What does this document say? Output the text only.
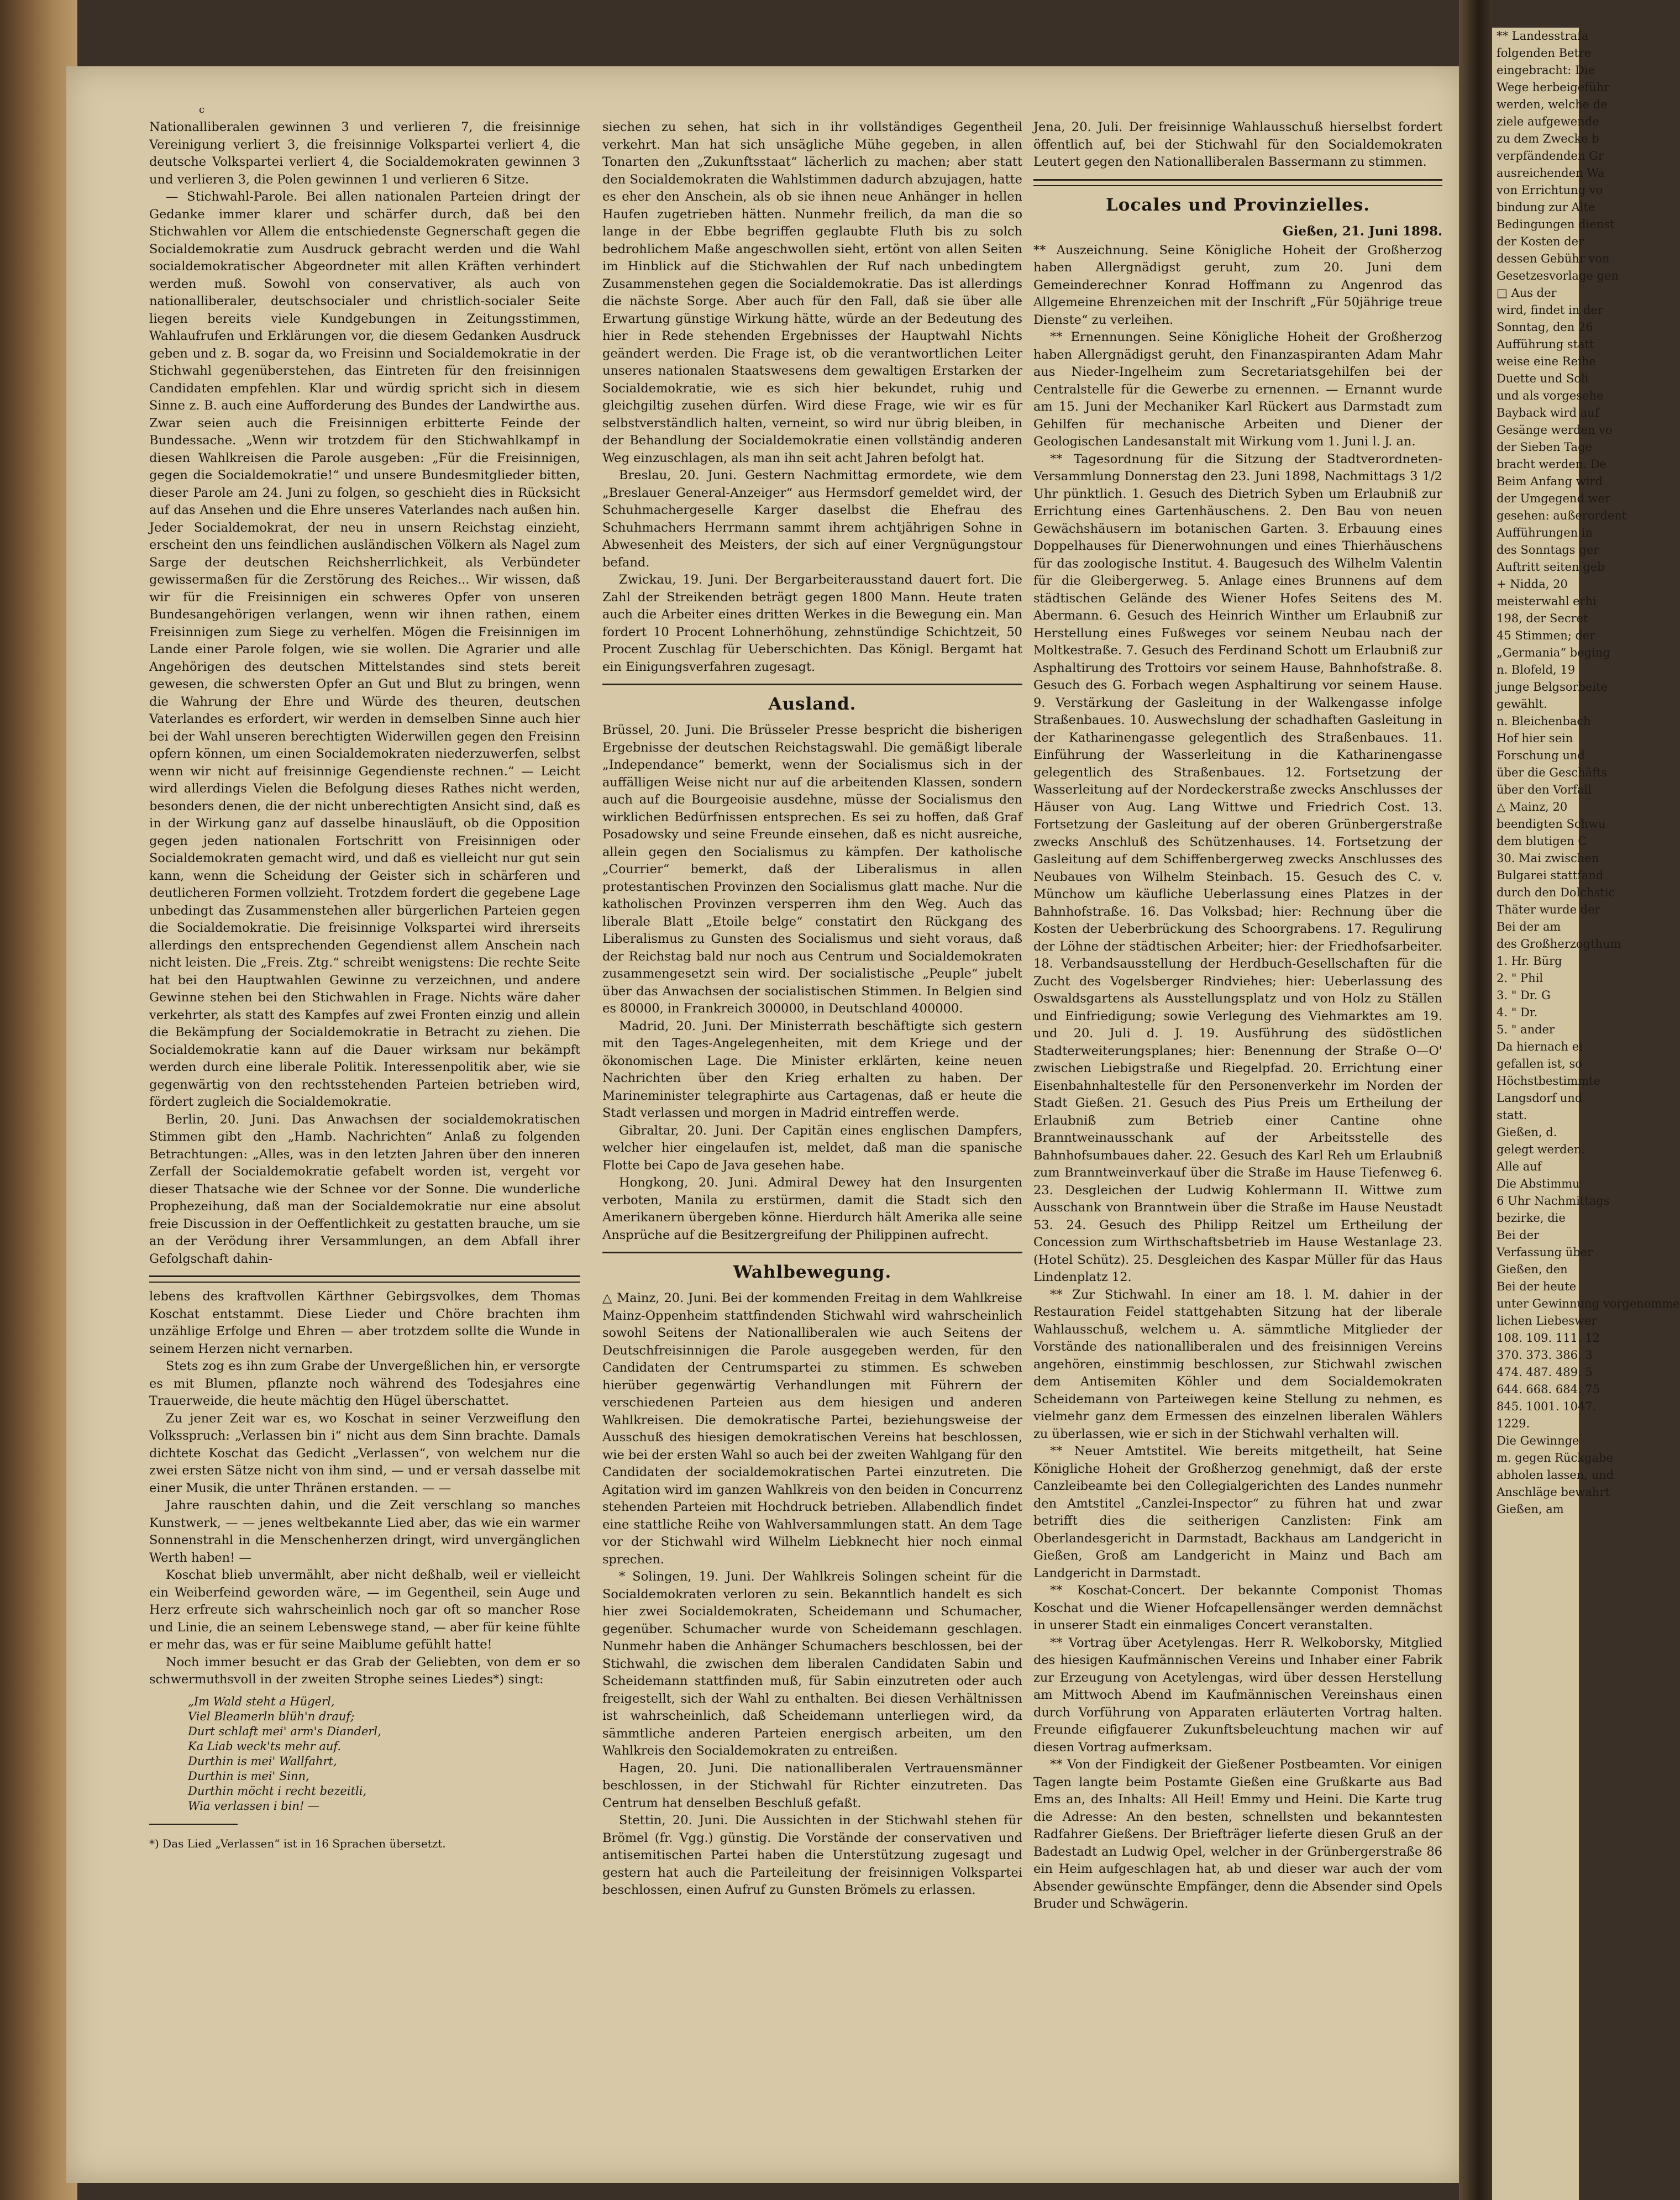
c

Nationalliberalen gewinnen 3 und verlieren 7, die freisinnige Vereinigung verliert 3, die freisinnige Volkspartei verliert 4, die deutsche Volkspartei verliert 4, die Socialdemokraten gewinnen 3 und verlieren 3, die Polen gewinnen 1 und verlieren 6 Sitze.

— Stichwahl-Parole. Bei allen nationalen Parteien dringt der Gedanke immer klarer und schärfer durch, daß bei den Stichwahlen vor Allem die entschiedenste Gegnerschaft gegen die Socialdemokratie zum Ausdruck gebracht werden und die Wahl socialdemokratischer Abgeordneter mit allen Kräften verhindert werden muß. Sowohl von conservativer, als auch von nationalliberaler, deutschsocialer und christlich-socialer Seite liegen bereits viele Kundgebungen in Zeitungsstimmen, Wahlaufrufen und Erklärungen vor, die diesem Gedanken Ausdruck geben und z. B. sogar da, wo Freisinn und Socialdemokratie in der Stichwahl gegenüberstehen, das Eintreten für den freisinnigen Candidaten empfehlen. Klar und würdig spricht sich in diesem Sinne z. B. auch eine Aufforderung des Bundes der Landwirthe aus. Zwar seien auch die Freisinnigen erbitterte Feinde der Bundessache. „Wenn wir trotzdem für den Stichwahlkampf in diesen Wahlkreisen die Parole ausgeben: „Für die Freisinnigen, gegen die Socialdemokratie!“ und unsere Bundesmitglieder bitten, dieser Parole am 24. Juni zu folgen, so geschieht dies in Rücksicht auf das Ansehen und die Ehre unseres Vaterlandes nach außen hin. Jeder Socialdemokrat, der neu in unsern Reichstag einzieht, erscheint den uns feindlichen ausländischen Völkern als Nagel zum Sarge der deutschen Reichsherrlichkeit, als Verbündeter gewissermaßen für die Zerstörung des Reiches... Wir wissen, daß wir für die Freisinnigen ein schweres Opfer von unseren Bundesangehörigen verlangen, wenn wir ihnen rathen, einem Freisinnigen zum Siege zu verhelfen. Mögen die Freisinnigen im Lande einer Parole folgen, wie sie wollen. Die Agrarier und alle Angehörigen des deutschen Mittelstandes sind stets bereit gewesen, die schwersten Opfer an Gut und Blut zu bringen, wenn die Wahrung der Ehre und Würde des theuren, deutschen Vaterlandes es erfordert, wir werden in demselben Sinne auch hier bei der Wahl unseren berechtigten Widerwillen gegen den Freisinn opfern können, um einen Socialdemokraten niederzuwerfen, selbst wenn wir nicht auf freisinnige Gegendienste rechnen.“ — Leicht wird allerdings Vielen die Befolgung dieses Rathes nicht werden, besonders denen, die der nicht unberechtigten Ansicht sind, daß es in der Wirkung ganz auf dasselbe hinausläuft, ob die Opposition gegen jeden nationalen Fortschritt von Freisinnigen oder Socialdemokraten gemacht wird, und daß es vielleicht nur gut sein kann, wenn die Scheidung der Geister sich in schärferen und deutlicheren Formen vollzieht. Trotzdem fordert die gegebene Lage unbedingt das Zusammenstehen aller bürgerlichen Parteien gegen die Socialdemokratie. Die freisinnige Volkspartei wird ihrerseits allerdings den entsprechenden Gegendienst allem Anschein nach nicht leisten. Die „Freis. Ztg.“ schreibt wenigstens: Die rechte Seite hat bei den Hauptwahlen Gewinne zu verzeichnen, und andere Gewinne stehen bei den Stichwahlen in Frage. Nichts wäre daher verkehrter, als statt des Kampfes auf zwei Fronten einzig und allein die Bekämpfung der Socialdemokratie in Betracht zu ziehen. Die Socialdemokratie kann auf die Dauer wirksam nur bekämpft werden durch eine liberale Politik. Interessenpolitik aber, wie sie gegenwärtig von den rechtsstehenden Parteien betrieben wird, fördert zugleich die Socialdemokratie.

Berlin, 20. Juni. Das Anwachsen der socialdemokratischen Stimmen gibt den „Hamb. Nachrichten“ Anlaß zu folgenden Betrachtungen: „Alles, was in den letzten Jahren über den inneren Zerfall der Socialdemokratie gefabelt worden ist, vergeht vor dieser Thatsache wie der Schnee vor der Sonne. Die wunderliche Prophezeihung, daß man der Socialdemokratie nur eine absolut freie Discussion in der Oeffentlichkeit zu gestatten brauche, um sie an der Verödung ihrer Versammlungen, an dem Abfall ihrer Gefolgschaft dahin-

lebens des kraftvollen Kärthner Gebirgsvolkes, dem Thomas Koschat entstammt. Diese Lieder und Chöre brachten ihm unzählige Erfolge und Ehren — aber trotzdem sollte die Wunde in seinem Herzen nicht vernarben.

Stets zog es ihn zum Grabe der Unvergeßlichen hin, er versorgte es mit Blumen, pflanzte noch während des Todesjahres eine Trauerweide, die heute mächtig den Hügel überschattet.

Zu jener Zeit war es, wo Koschat in seiner Verzweiflung den Volksspruch: „Verlassen bin i“ nicht aus dem Sinn brachte. Damals dichtete Koschat das Gedicht „Verlassen“, von welchem nur die zwei ersten Sätze nicht von ihm sind, — und er versah dasselbe mit einer Musik, die unter Thränen erstanden. — —

Jahre rauschten dahin, und die Zeit verschlang so manches Kunstwerk, — — jenes weltbekannte Lied aber, das wie ein warmer Sonnenstrahl in die Menschenherzen dringt, wird unvergänglichen Werth haben! —

Koschat blieb unvermählt, aber nicht deßhalb, weil er vielleicht ein Weiberfeind geworden wäre, — im Gegentheil, sein Auge und Herz erfreute sich wahrscheinlich noch gar oft so mancher Rose und Linie, die an seinem Lebenswege stand, — aber für keine fühlte er mehr das, was er für seine Maiblume gefühlt hatte!

Noch immer besucht er das Grab der Geliebten, von dem er so schwermuthsvoll in der zweiten Strophe seines Liedes*) singt:

„Im Wald steht a Hügerl,
Viel Bleamerln blüh'n drauf;
Durt schlaft mei' arm's Dianderl,
Ka Liab weck'ts mehr auf.
Durthin is mei' Wallfahrt,
Durthin is mei' Sinn,
Durthin möcht i recht bezeitli,
Wia verlassen i bin! —

*) Das Lied „Verlassen“ ist in 16 Sprachen übersetzt.

siechen zu sehen, hat sich in ihr vollständiges Gegentheil verkehrt. Man hat sich unsägliche Mühe gegeben, in allen Tonarten den „Zukunftsstaat“ lächerlich zu machen; aber statt den Socialdemokraten die Wahlstimmen dadurch abzujagen, hatte es eher den Anschein, als ob sie ihnen neue Anhänger in hellen Haufen zugetrieben hätten. Nunmehr freilich, da man die so lange in der Ebbe begriffen geglaubte Fluth bis zu solch bedrohlichem Maße angeschwollen sieht, ertönt von allen Seiten im Hinblick auf die Stichwahlen der Ruf nach unbedingtem Zusammenstehen gegen die Socialdemokratie. Das ist allerdings die nächste Sorge. Aber auch für den Fall, daß sie über alle Erwartung günstige Wirkung hätte, würde an der Bedeutung des hier in Rede stehenden Ergebnisses der Hauptwahl Nichts geändert werden. Die Frage ist, ob die verantwortlichen Leiter unseres nationalen Staatswesens dem gewaltigen Erstarken der Socialdemokratie, wie es sich hier bekundet, ruhig und gleichgiltig zusehen dürfen. Wird diese Frage, wie wir es für selbstverständlich halten, verneint, so wird nur übrig bleiben, in der Behandlung der Socialdemokratie einen vollständig anderen Weg einzuschlagen, als man ihn seit acht Jahren befolgt hat.

Breslau, 20. Juni. Gestern Nachmittag ermordete, wie dem „Breslauer General-Anzeiger“ aus Hermsdorf gemeldet wird, der Schuhmachergeselle Karger daselbst die Ehefrau des Schuhmachers Herrmann sammt ihrem achtjährigen Sohne in Abwesenheit des Meisters, der sich auf einer Vergnügungstour befand.

Zwickau, 19. Juni. Der Bergarbeiterausstand dauert fort. Die Zahl der Streikenden beträgt gegen 1800 Mann. Heute traten auch die Arbeiter eines dritten Werkes in die Bewegung ein. Man fordert 10 Procent Lohnerhöhung, zehnstündige Schichtzeit, 50 Procent Zuschlag für Ueberschichten. Das Königl. Bergamt hat ein Einigungsverfahren zugesagt.

Ausland.

Brüssel, 20. Juni. Die Brüsseler Presse bespricht die bisherigen Ergebnisse der deutschen Reichstagswahl. Die gemäßigt liberale „Independance“ bemerkt, wenn der Socialismus sich in der auffälligen Weise nicht nur auf die arbeitenden Klassen, sondern auch auf die Bourgeoisie ausdehne, müsse der Socialismus den wirklichen Bedürfnissen entsprechen. Es sei zu hoffen, daß Graf Posadowsky und seine Freunde einsehen, daß es nicht ausreiche, allein gegen den Socialismus zu kämpfen. Der katholische „Courrier“ bemerkt, daß der Liberalismus in allen protestantischen Provinzen den Socialismus glatt mache. Nur die katholischen Provinzen versperren ihm den Weg. Auch das liberale Blatt „Etoile belge“ constatirt den Rückgang des Liberalismus zu Gunsten des Socialismus und sieht voraus, daß der Reichstag bald nur noch aus Centrum und Socialdemokraten zusammengesetzt sein wird. Der socialistische „Peuple“ jubelt über das Anwachsen der socialistischen Stimmen. In Belgien sind es 80000, in Frankreich 300000, in Deutschland 400000.

Madrid, 20. Juni. Der Ministerrath beschäftigte sich gestern mit den Tages-Angelegenheiten, mit dem Kriege und der ökonomischen Lage. Die Minister erklärten, keine neuen Nachrichten über den Krieg erhalten zu haben. Der Marineminister telegraphirte aus Cartagenas, daß er heute die Stadt verlassen und morgen in Madrid eintreffen werde.

Gibraltar, 20. Juni. Der Capitän eines englischen Dampfers, welcher hier eingelaufen ist, meldet, daß man die spanische Flotte bei Capo de Java gesehen habe.

Hongkong, 20. Juni. Admiral Dewey hat den Insurgenten verboten, Manila zu erstürmen, damit die Stadt sich den Amerikanern übergeben könne. Hierdurch hält Amerika alle seine Ansprüche auf die Besitzergreifung der Philippinen aufrecht.

Wahlbewegung.

△ Mainz, 20. Juni. Bei der kommenden Freitag in dem Wahlkreise Mainz-Oppenheim stattfindenden Stichwahl wird wahrscheinlich sowohl Seitens der Nationalliberalen wie auch Seitens der Deutschfreisinnigen die Parole ausgegeben werden, für den Candidaten der Centrumspartei zu stimmen. Es schweben hierüber gegenwärtig Verhandlungen mit Führern der verschiedenen Parteien aus dem hiesigen und anderen Wahlkreisen. Die demokratische Partei, beziehungsweise der Ausschuß des hiesigen demokratischen Vereins hat beschlossen, wie bei der ersten Wahl so auch bei der zweiten Wahlgang für den Candidaten der socialdemokratischen Partei einzutreten. Die Agitation wird im ganzen Wahlkreis von den beiden in Concurrenz stehenden Parteien mit Hochdruck betrieben. Allabendlich findet eine stattliche Reihe von Wahlversammlungen statt. An dem Tage vor der Stichwahl wird Wilhelm Liebknecht hier noch einmal sprechen.

* Solingen, 19. Juni. Der Wahlkreis Solingen scheint für die Socialdemokraten verloren zu sein. Bekanntlich handelt es sich hier zwei Socialdemokraten, Scheidemann und Schumacher, gegenüber. Schumacher wurde von Scheidemann geschlagen. Nunmehr haben die Anhänger Schumachers beschlossen, bei der Stichwahl, die zwischen dem liberalen Candidaten Sabin und Scheidemann stattfinden muß, für Sabin einzutreten oder auch freigestellt, sich der Wahl zu enthalten. Bei diesen Verhältnissen ist wahrscheinlich, daß Scheidemann unterliegen wird, da sämmtliche anderen Parteien energisch arbeiten, um den Wahlkreis den Socialdemokraten zu entreißen.

Hagen, 20. Juni. Die nationalliberalen Vertrauensmänner beschlossen, in der Stichwahl für Richter einzutreten. Das Centrum hat denselben Beschluß gefaßt.

Stettin, 20. Juni. Die Aussichten in der Stichwahl stehen für Brömel (fr. Vgg.) günstig. Die Vorstände der conservativen und antisemitischen Partei haben die Unterstützung zugesagt und gestern hat auch die Parteileitung der freisinnigen Volkspartei beschlossen, einen Aufruf zu Gunsten Brömels zu erlassen.

Jena, 20. Juli. Der freisinnige Wahlausschuß hierselbst fordert öffentlich auf, bei der Stichwahl für den Socialdemokraten Leutert gegen den Nationalliberalen Bassermann zu stimmen.

Locales und Provinzielles.
Gießen, 21. Juni 1898.

** Auszeichnung. Seine Königliche Hoheit der Großherzog haben Allergnädigst geruht, zum 20. Juni dem Gemeinderechner Konrad Hoffmann zu Angenrod das Allgemeine Ehrenzeichen mit der Inschrift „Für 50jährige treue Dienste“ zu verleihen.

** Ernennungen. Seine Königliche Hoheit der Großherzog haben Allergnädigst geruht, den Finanzaspiranten Adam Mahr aus Nieder-Ingelheim zum Secretariatsgehilfen bei der Centralstelle für die Gewerbe zu ernennen. — Ernannt wurde am 15. Juni der Mechaniker Karl Rückert aus Darmstadt zum Gehilfen für mechanische Arbeiten und Diener der Geologischen Landesanstalt mit Wirkung vom 1. Juni l. J. an.

** Tagesordnung für die Sitzung der Stadtverordneten-Versammlung Donnerstag den 23. Juni 1898, Nachmittags 3 1/2 Uhr pünktlich. 1. Gesuch des Dietrich Syben um Erlaubniß zur Errichtung eines Gartenhäuschens. 2. Den Bau von neuen Gewächshäusern im botanischen Garten. 3. Erbauung eines Doppelhauses für Dienerwohnungen und eines Thierhäuschens für das zoologische Institut. 4. Baugesuch des Wilhelm Valentin für die Gleibergerweg. 5. Anlage eines Brunnens auf dem städtischen Gelände des Wiener Hofes Seitens des M. Abermann. 6. Gesuch des Heinrich Winther um Erlaubniß zur Herstellung eines Fußweges vor seinem Neubau nach der Moltkestraße. 7. Gesuch des Ferdinand Schott um Erlaubniß zur Asphaltirung des Trottoirs vor seinem Hause, Bahnhofstraße. 8. Gesuch des G. Forbach wegen Asphaltirung vor seinem Hause. 9. Verstärkung der Gasleitung in der Walkengasse infolge Straßenbaues. 10. Auswechslung der schadhaften Gasleitung in der Katharinengasse gelegentlich des Straßenbaues. 11. Einführung der Wasserleitung in die Katharinengasse gelegentlich des Straßenbaues. 12. Fortsetzung der Wasserleitung auf der Nordeckerstraße zwecks Anschlusses der Häuser von Aug. Lang Wittwe und Friedrich Cost. 13. Fortsetzung der Gasleitung auf der oberen Grünbergerstraße zwecks Anschluß des Schützenhauses. 14. Fortsetzung der Gasleitung auf dem Schiffenbergerweg zwecks Anschlusses des Neubaues von Wilhelm Steinbach. 15. Gesuch des C. v. Münchow um käufliche Ueberlassung eines Platzes in der Bahnhofstraße. 16. Das Volksbad; hier: Rechnung über die Kosten der Ueberbrückung des Schoorgrabens. 17. Regulirung der Löhne der städtischen Arbeiter; hier: der Friedhofsarbeiter. 18. Verbandsausstellung der Herdbuch-Gesellschaften für die Zucht des Vogelsberger Rindviehes; hier: Ueberlassung des Oswaldsgartens als Ausstellungsplatz und von Holz zu Ställen und Einfriedigung; sowie Verlegung des Viehmarktes am 19. und 20. Juli d. J. 19. Ausführung des südöstlichen Stadterweiterungsplanes; hier: Benennung der Straße O—O' zwischen Liebigstraße und Riegelpfad. 20. Errichtung einer Eisenbahnhaltestelle für den Personenverkehr im Norden der Stadt Gießen. 21. Gesuch des Pius Preis um Ertheilung der Erlaubniß zum Betrieb einer Cantine ohne Branntweinausschank auf der Arbeitsstelle des Bahnhofsumbaues daher. 22. Gesuch des Karl Reh um Erlaubniß zum Branntweinverkauf über die Straße im Hause Tiefenweg 6. 23. Desgleichen der Ludwig Kohlermann II. Wittwe zum Ausschank von Branntwein über die Straße im Hause Neustadt 53. 24. Gesuch des Philipp Reitzel um Ertheilung der Concession zum Wirthschaftsbetrieb im Hause Westanlage 23. (Hotel Schütz). 25. Desgleichen des Kaspar Müller für das Haus Lindenplatz 12.

** Zur Stichwahl. In einer am 18. l. M. dahier in der Restauration Feidel stattgehabten Sitzung hat der liberale Wahlausschuß, welchem u. A. sämmtliche Mitglieder der Vorstände des nationalliberalen und des freisinnigen Vereins angehören, einstimmig beschlossen, zur Stichwahl zwischen dem Antisemiten Köhler und dem Socialdemokraten Scheidemann von Parteiwegen keine Stellung zu nehmen, es vielmehr ganz dem Ermessen des einzelnen liberalen Wählers zu überlassen, wie er sich in der Stichwahl verhalten will.

** Neuer Amtstitel. Wie bereits mitgetheilt, hat Seine Königliche Hoheit der Großherzog genehmigt, daß der erste Canzleibeamte bei den Collegialgerichten des Landes nunmehr den Amtstitel „Canzlei-Inspector“ zu führen hat und zwar betrifft dies die seitherigen Canzlisten: Fink am Oberlandesgericht in Darmstadt, Backhaus am Landgericht in Gießen, Groß am Landgericht in Mainz und Bach am Landgericht in Darmstadt.

** Koschat-Concert. Der bekannte Componist Thomas Koschat und die Wiener Hofcapellensänger werden demnächst in unserer Stadt ein einmaliges Concert veranstalten.

** Vortrag über Acetylengas. Herr R. Welkoborsky, Mitglied des hiesigen Kaufmännischen Vereins und Inhaber einer Fabrik zur Erzeugung von Acetylengas, wird über dessen Herstellung am Mittwoch Abend im Kaufmännischen Vereinshaus einen durch Vorführung von Apparaten erläuterten Vortrag halten. Freunde eifigfauerer Zukunftsbeleuchtung machen wir auf diesen Vortrag aufmerksam.

** Von der Findigkeit der Gießener Postbeamten. Vor einigen Tagen langte beim Postamte Gießen eine Grußkarte aus Bad Ems an, des Inhalts: All Heil! Emmy und Heini. Die Karte trug die Adresse: An den besten, schnellsten und bekanntesten Radfahrer Gießens. Der Briefträger lieferte diesen Gruß an der Badestadt an Ludwig Opel, welcher in der Grünbergerstraße 86 ein Heim aufgeschlagen hat, ab und dieser war auch der vom Absender gewünschte Empfänger, denn die Absender sind Opels Bruder und Schwägerin.

** Landesstrafa

folgenden Betre

eingebracht: Die

Wege herbeigeführ

werden, welche de

ziele aufgewende

zu dem Zwecke b

verpfändenden Gr

ausreichenden Wa

von Errichtung vo

bindung zur Alte

Bedingungen dienst

der Kosten der

dessen Gebühr von

Gesetzesvorlage gen

□ Aus der

wird, findet in der

Sonntag, den 26

Aufführung statt

weise eine Reihe

Duette und Soli

und als vorgesehe

Bayback wird auf

Gesänge werden vo

der Sieben Tage

bracht werden. De

Beim Anfang wird

der Umgegend wer

gesehen: außerordent

Aufführungen in

des Sonntags ger

Auftritt seiten geb

+ Nidda, 20

meisterwahl erhi

198, der Secret

45 Stimmen; der

„Germania“ beging

n. Blofeld, 19

junge Belgsorbeite

gewählt.

n. Bleichenbach

Hof hier sein

Forschung und

über die Geschäfts

über den Vorfall

△ Mainz, 20

beendigten Schwu

dem blutigen C

30. Mai zwischen

Bulgarei stattfand

durch den Dolchstic

Thäter wurde der

Bei der am

des Großherzogthum

1. Hr. Bürg

2. " Phil

3. " Dr. G

4. " Dr.

5. " ander

Da hiernach ei

gefallen ist, so

Höchstbestimmte

Langsdorf und

statt.

Gießen, d.

gelegt werden.

Alle auf

Die Abstimmu

6 Uhr Nachmittags

bezirke, die

Bei der

Verfassung über

Gießen, den

Bei der heute

unter Gewinnung vorgenomme

lichen Liebeswer

108. 109. 111. 12

370. 373. 386. 3

474. 487. 489. 5

644. 668. 684. 75

845. 1001. 1047.

1229.

Die Gewinnge

m. gegen Rückgabe

abholen lassen, und

Anschläge bewahrt

Gießen, am
